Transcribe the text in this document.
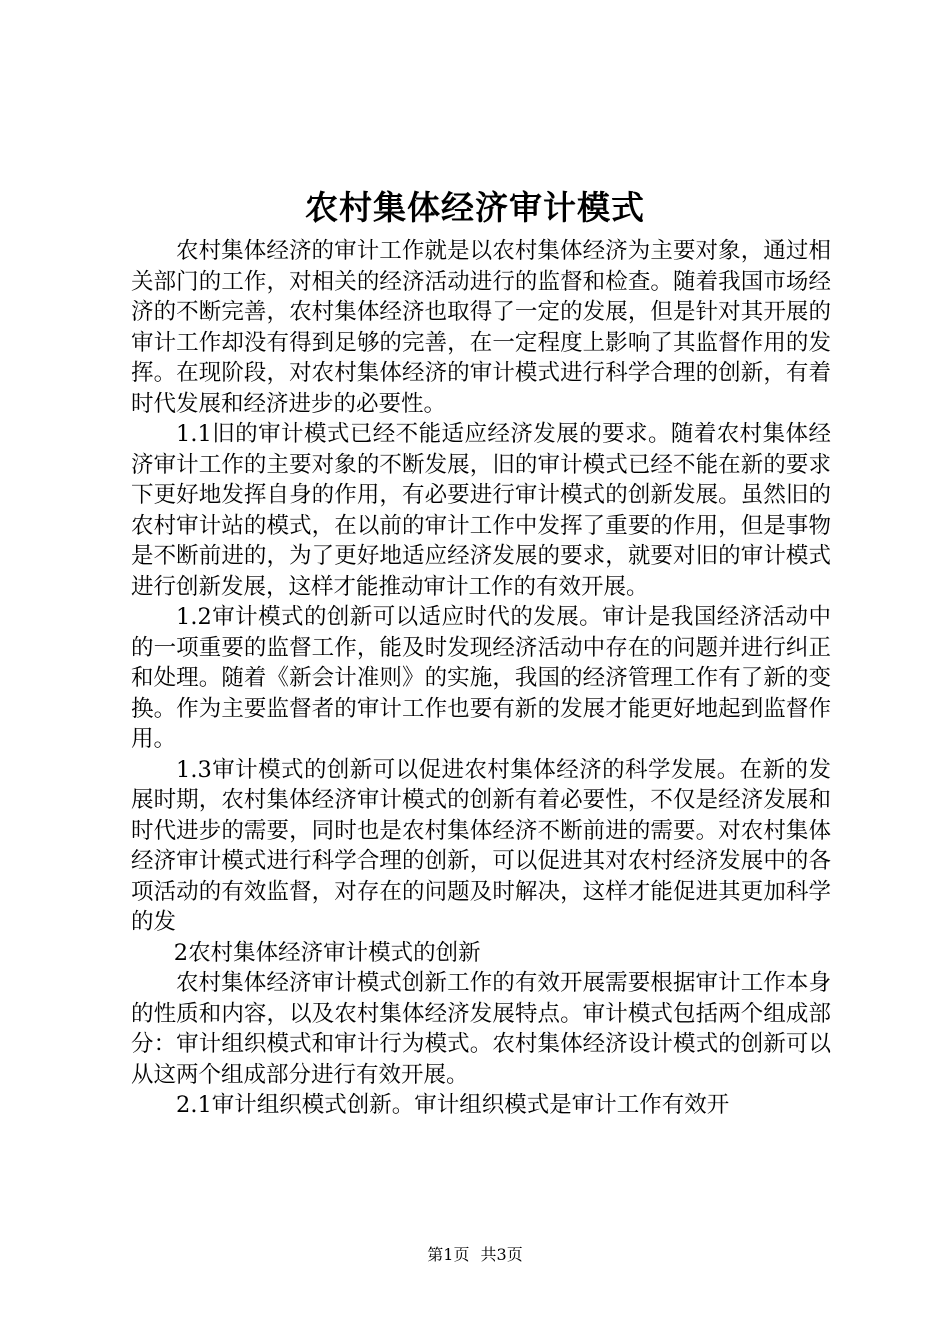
农村集体经济审计模式

农村集体经济的审计工作就是以农村集体经济为主要对象，通过相关部门的工作，对相关的经济活动进行的监督和检查。随着我国市场经济的不断完善，农村集体经济也取得了一定的发展，但是针对其开展的审计工作却没有得到足够的完善，在一定程度上影响了其监督作用的发挥。在现阶段，对农村集体经济的审计模式进行科学合理的创新，有着时代发展和经济进步的必要性。

1.1旧的审计模式已经不能适应经济发展的要求。随着农村集体经济审计工作的主要对象的不断发展，旧的审计模式已经不能在新的要求下更好地发挥自身的作用，有必要进行审计模式的创新发展。虽然旧的农村审计站的模式，在以前的审计工作中发挥了重要的作用，但是事物是不断前进的，为了更好地适应经济发展的要求，就要对旧的审计模式进行创新发展，这样才能推动审计工作的有效开展。

1.2审计模式的创新可以适应时代的发展。审计是我国经济活动中的一项重要的监督工作，能及时发现经济活动中存在的问题并进行纠正和处理。随着《新会计准则》的实施，我国的经济管理工作有了新的变换。作为主要监督者的审计工作也要有新的发展才能更好地起到监督作用。

1.3审计模式的创新可以促进农村集体经济的科学发展。在新的发展时期，农村集体经济审计模式的创新有着必要性，不仅是经济发展和时代进步的需要，同时也是农村集体经济不断前进的需要。对农村集体经济审计模式进行科学合理的创新，可以促进其对农村经济发展中的各项活动的有效监督，对存在的问题及时解决，这样才能促进其更加科学的发

2农村集体经济审计模式的创新

农村集体经济审计模式创新工作的有效开展需要根据审计工作本身的性质和内容，以及农村集体经济发展特点。审计模式包括两个组成部分：审计组织模式和审计行为模式。农村集体经济设计模式的创新可以从这两个组成部分进行有效开展。

2.1审计组织模式创新。审计组织模式是审计工作有效开

第1页 共3页
